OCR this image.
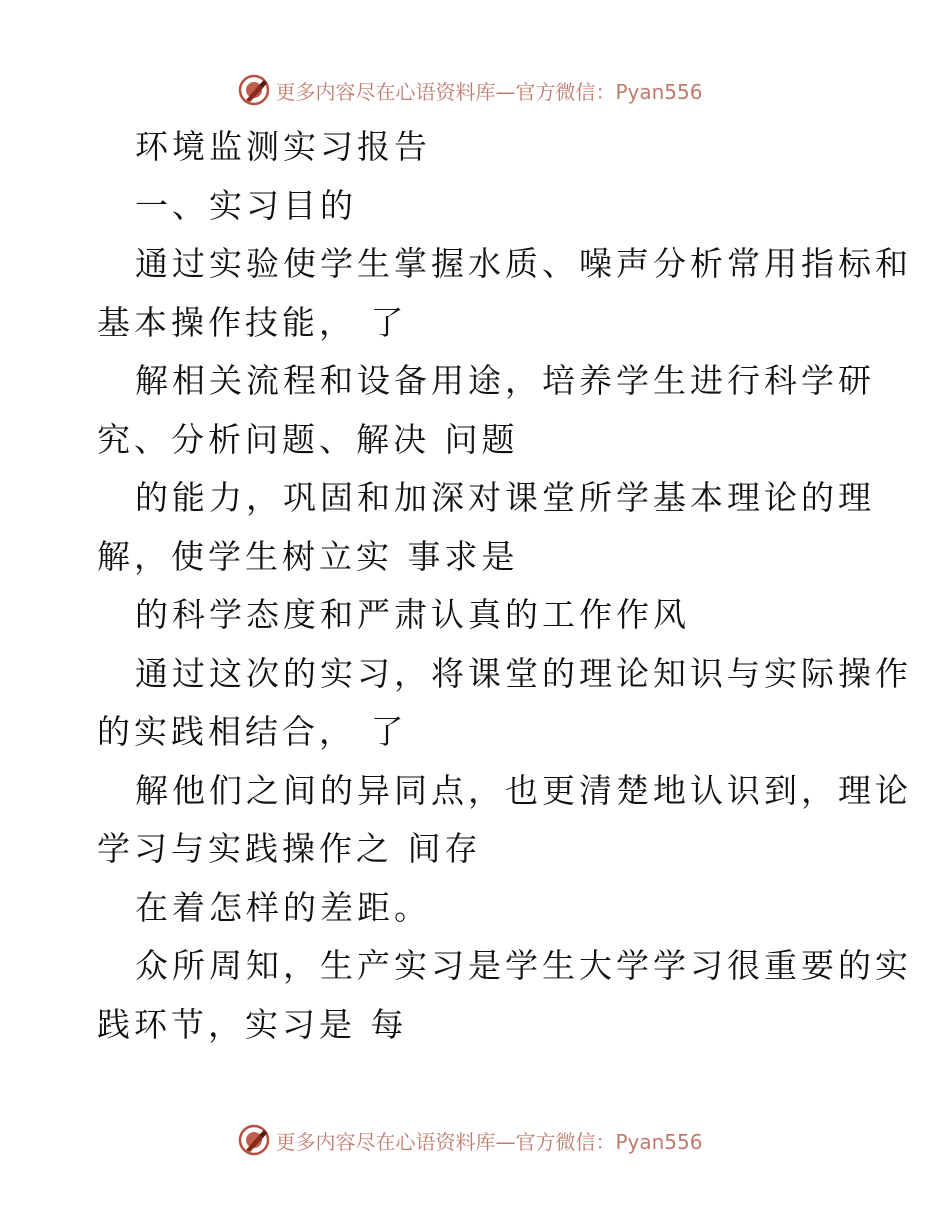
更多内容尽在心语资料库—官方微信：Pyan556
环境监测实习报告
一、实习目的
通过实验使学生掌握水质、噪声分析常用指标和
基本操作技能， 了
解相关流程和设备用途，培养学生进行科学研
究、分析问题、解决 问题
的能力，巩固和加深对课堂所学基本理论的理
解，使学生树立实 事求是
的科学态度和严肃认真的工作作风
通过这次的实习，将课堂的理论知识与实际操作
的实践相结合， 了
解他们之间的异同点，也更清楚地认识到，理论
学习与实践操作之 间存
在着怎样的差距。
众所周知，生产实习是学生大学学习很重要的实
践环节，实习是 每
更多内容尽在心语资料库—官方微信：Pyan556
